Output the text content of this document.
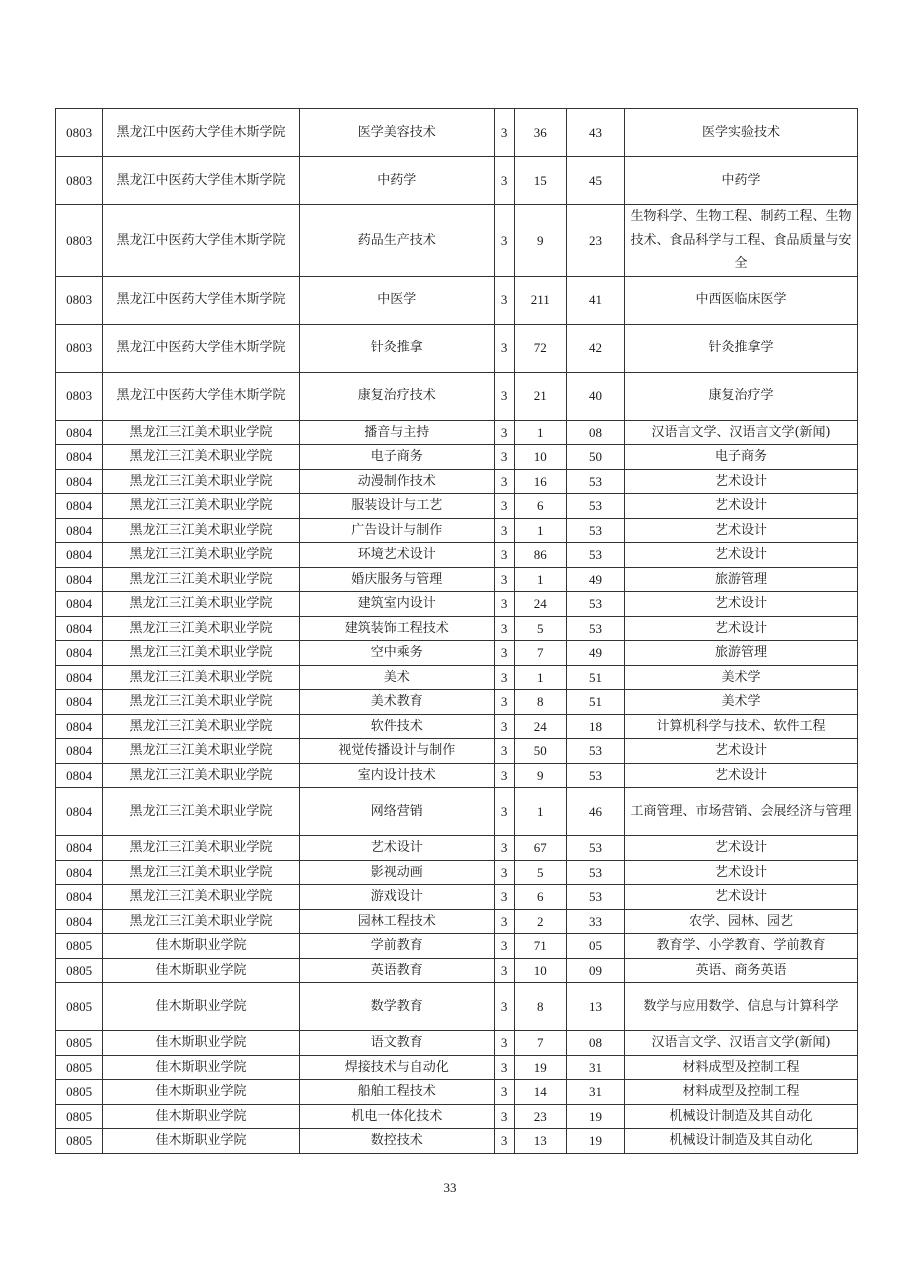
0803	黑龙江中医药大学佳木斯学院	医学美容技术	3	36	43	医学实验技术
0803	黑龙江中医药大学佳木斯学院	中药学	3	15	45	中药学
0803	黑龙江中医药大学佳木斯学院	药品生产技术	3	9	23	生物科学、生物工程、制药工程、生物技术、食品科学与工程、食品质量与安全
0803	黑龙江中医药大学佳木斯学院	中医学	3	211	41	中西医临床医学
0803	黑龙江中医药大学佳木斯学院	针灸推拿	3	72	42	针灸推拿学
0803	黑龙江中医药大学佳木斯学院	康复治疗技术	3	21	40	康复治疗学
0804	黑龙江三江美术职业学院	播音与主持	3	1	08	汉语言文学、汉语言文学(新闻)
0804	黑龙江三江美术职业学院	电子商务	3	10	50	电子商务
0804	黑龙江三江美术职业学院	动漫制作技术	3	16	53	艺术设计
0804	黑龙江三江美术职业学院	服装设计与工艺	3	6	53	艺术设计
0804	黑龙江三江美术职业学院	广告设计与制作	3	1	53	艺术设计
0804	黑龙江三江美术职业学院	环境艺术设计	3	86	53	艺术设计
0804	黑龙江三江美术职业学院	婚庆服务与管理	3	1	49	旅游管理
0804	黑龙江三江美术职业学院	建筑室内设计	3	24	53	艺术设计
0804	黑龙江三江美术职业学院	建筑装饰工程技术	3	5	53	艺术设计
0804	黑龙江三江美术职业学院	空中乘务	3	7	49	旅游管理
0804	黑龙江三江美术职业学院	美术	3	1	51	美术学
0804	黑龙江三江美术职业学院	美术教育	3	8	51	美术学
0804	黑龙江三江美术职业学院	软件技术	3	24	18	计算机科学与技术、软件工程
0804	黑龙江三江美术职业学院	视觉传播设计与制作	3	50	53	艺术设计
0804	黑龙江三江美术职业学院	室内设计技术	3	9	53	艺术设计
0804	黑龙江三江美术职业学院	网络营销	3	1	46	工商管理、市场营销、会展经济与管理
0804	黑龙江三江美术职业学院	艺术设计	3	67	53	艺术设计
0804	黑龙江三江美术职业学院	影视动画	3	5	53	艺术设计
0804	黑龙江三江美术职业学院	游戏设计	3	6	53	艺术设计
0804	黑龙江三江美术职业学院	园林工程技术	3	2	33	农学、园林、园艺
0805	佳木斯职业学院	学前教育	3	71	05	教育学、小学教育、学前教育
0805	佳木斯职业学院	英语教育	3	10	09	英语、商务英语
0805	佳木斯职业学院	数学教育	3	8	13	数学与应用数学、信息与计算科学
0805	佳木斯职业学院	语文教育	3	7	08	汉语言文学、汉语言文学(新闻)
0805	佳木斯职业学院	焊接技术与自动化	3	19	31	材料成型及控制工程
0805	佳木斯职业学院	船舶工程技术	3	14	31	材料成型及控制工程
0805	佳木斯职业学院	机电一体化技术	3	23	19	机械设计制造及其自动化
0805	佳木斯职业学院	数控技术	3	13	19	机械设计制造及其自动化
33
